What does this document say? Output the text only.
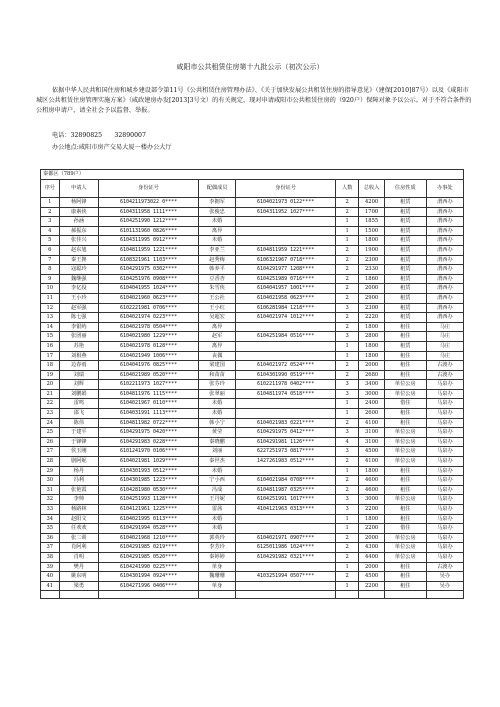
咸阳市公共租赁住房第十九批公示（初次公示）
依据中华人民共和国住房和城乡建设部令第11号《公共租赁住房管理办法》、《关于加快发展公共租赁住房的指导意见》（建保[2010]87号）以及《咸阳市城区公共租赁住房管理实施方案》（咸政建房办发[2013]3号文）的有关规定，现对申请咸阳市公共租赁住房的（920户）保障对象予以公示。对于不符合条件的公租房申请户，请全社会予以监督、举报。
电话：32890825　　32890007
办公地点:咸阳市房产交易大厦一楼办公大厅
秦都区（789户）								
序号	申请人	身份证号	配偶成员	身份证号	人数	总收入	住房性质	办事处
1	杨阿锋	6104211973022 0****	李拥军	6104021973 0122****	2	4200	租赁	渭西办
2	康素侠	6104311958 1111****	张俊忠	6104311952 1027****	2	1700	租赁	渭西办
3	孙涵	6104251990 1212****	未婚		1	1855	租赁	渭西办
4	郝振东	6101131960 0826****	离异		1	1500	租赁	渭西办
5	张佳兴	6104311995 0912****	未婚		1	1800	租赁	渭西办
6	赵东旭	6104811959 1221****	李亚兰	6104811959 1221****	2	1900	租赁	渭西办
7	秦王搀	6108321961 1103****	赵秀梅	6106321967 0718****	2	2300	租赁	渭西办
8	寇聪玲	6104291975 0302****	韩养平	6104291977 1208****	2	2330	租赁	渭西办
9	魏继强	6104251976 0908****	豆香杏	6104251989 0716****	2	1860	租赁	渭西办
10	李亿役	6104041955 1024****	朱雪侠	6104041957 1001****	2	2000	租赁	渭西办
11	王小玲	6104021960 0623****	王公社	6104021958 0623****	2	2900	租赁	渭西办
12	赵军强	6102221981 0706****	王小红	6106281984 1218****	3	2300	租赁	渭西办
13	陈七强	6104021974 0223****	吴超宏	6104021974 1012****	2	2220	租赁	渭西办
14	李银屿	6104021978 0504****	离异		2	1800	租住	马庄
15	张团丽	6104021980 1229****	赵军	6104251984 0516****	3	2800	租住	马庄
16	苏艳	6104021978 0128****	离异		1	1800	租赁	马庄
17	刘相燕	6104021949 1006****	丧偶		1	1800	租住	马庄
18	边春雨	6104041976 0825****	梁建国	6104021972 0524****	2	2000	租住	古渡办
19	刘瑞	6104021989 0520****	和苗苗	6104301990 0519****	2	2680	租住	古渡办
20	刘辉	6102211973 1027****	张芬玲	6102211978 0402****	3	3400	单位公房	马泉办
21	刘鹏娟	6104811976 1115****	张翠丽	6104811974 0518****	3	3000	单位公房	马泉办
22	雷鸣	6104021967 0110****	未婚		1	2400	借住	马泉办
23	邵飞	6104031991 1113****	未婚		1	2600	租住	马泉办
24	陈伟	6104811982 0722****	韩小宁	6104021983 0221****	2	4100	租住	马泉办
25	于建平	6104291975 0420****	黄莹	6104291975 0412****	3	3100	单位公房	马泉办
26	于锋锋	6104291983 0228****	秦晓鹏	6104291981 1126****	4	3100	单位公房	马泉办
27	侯玉刚	6101241970 0106****	刘丽	6227251973 0817****	3	4500	单位公房	马泉办
28	剧阿妮	6104021981 1029****	秦世杰	1427261983 0512****	2	4100	单位公房	马泉办
29	杨丹	6104301993 0512****	未婚		1	1800	租住	马泉办
30	冯利	6104301985 1223****	宁小西	6104021984 0708****	2	4600	租住	马泉办
31	张艳霞	6104281980 0530****	冯成	6104811987 0325****	2	4600	租住	马泉办
32	李帅	6104251993 1128****	王丹妮	6104251991 1017****	3	3000	单位公房	马泉办
33	杨路林	6104121961 1225****	雷茜	4104121963 0313****	3	2200	租住	马泉办
34	赵阳文	6104021995 0113****	未婚		1	1800	租住	马泉办
35	任欢欢	6104291994 0528****	未婚		1	2200	借住	马泉办
36	张二训	6104021968 1210****	郭英玲	6104021971 0907****	2	2000	单位公房	马泉办
37	肖阿利	6104291985 0219****	李芳玲	6125011986 1024****	2	4300	单位公房	马泉办
38	肖明	6104291985 0520****	秦婷婷	6104291982 0321****	2	4400	单位公房	马泉办
39	樊丹	6104241990 0225****	单身		1	2000	租住	古渡办
40	姚东明	6104301994 0924****	魏珊珊	4103251994 0507****	2	4500	租住	吴办
41	梁勇	6104271996 0406****	单身		1	2200	租住	吴办
